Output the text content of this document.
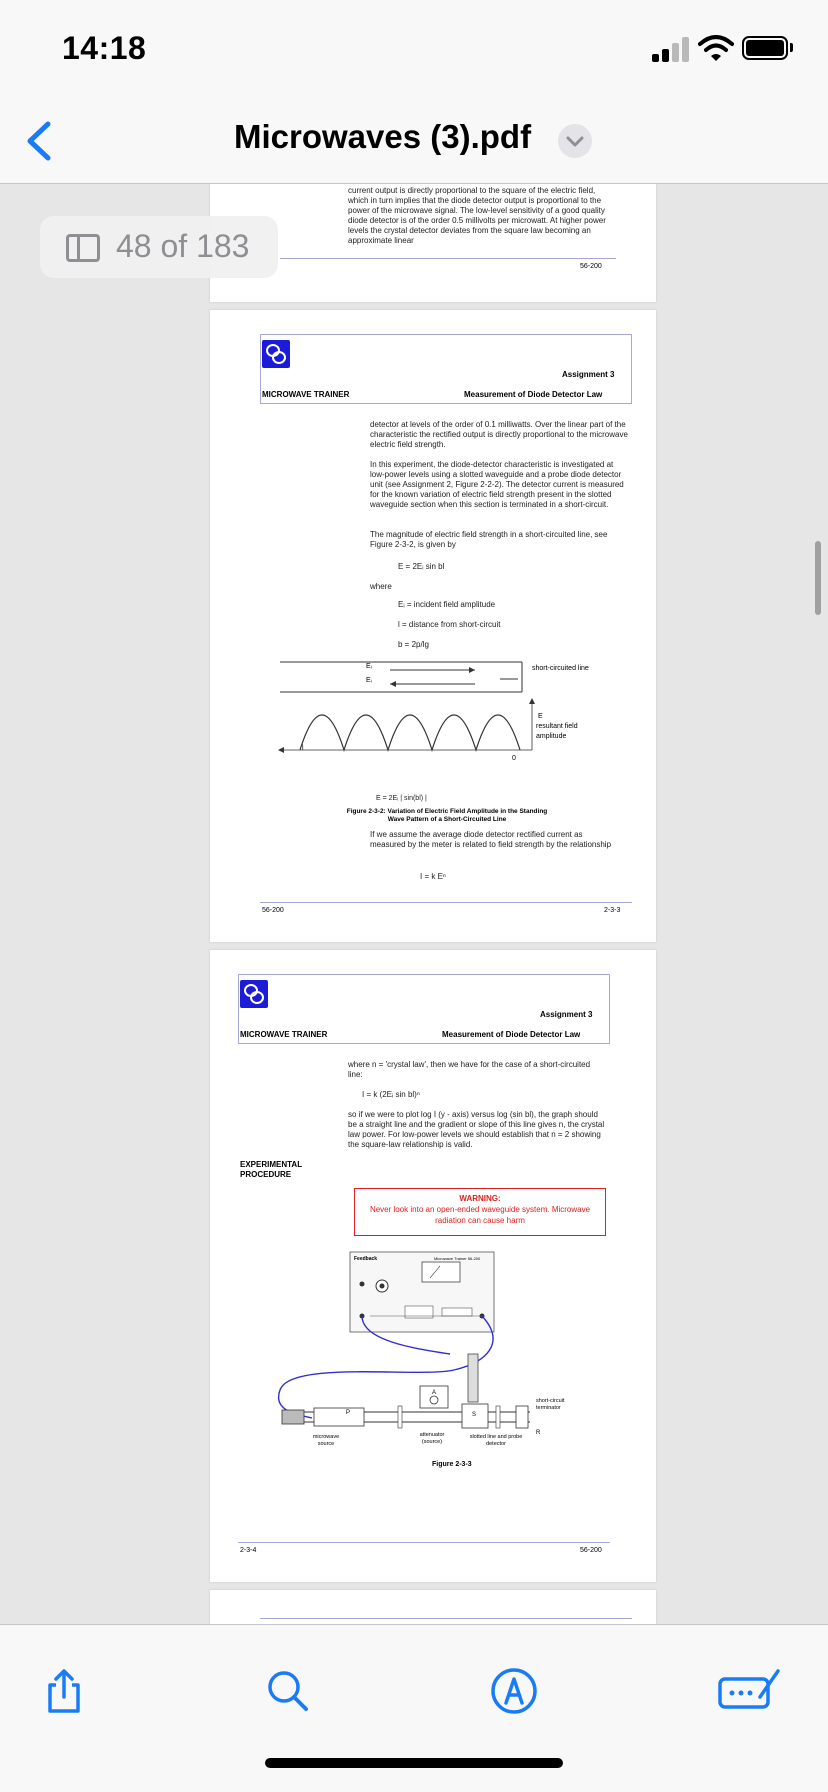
14:18
Microwaves (3).pdf
48 of 183
current output is directly proportional to the square of the electric field, which in turn implies that the diode detector output is proportional to the power of the microwave signal. The low-level sensitivity of a good quality diode detector is of the order 0.5 millivolts per microwatt. At higher power levels the crystal detector deviates from the square law becoming an approximate linear
56-200
Assignment 3
MICROWAVE TRAINER	Measurement of Diode Detector Law
detector at levels of the order of 0.1 milliwatts. Over the linear part of the characteristic the rectified output is directly proportional to the microwave electric field strength.
In this experiment, the diode-detector characteristic is investigated at low-power levels using a slotted waveguide and a probe diode detector unit (see Assignment 2, Figure 2-2-2). The detector current is measured for the known variation of electric field strength present in the slotted waveguide section when this section is terminated in a short-circuit.
The magnitude of electric field strength in a short-circuited line, see Figure 2-3-2, is given by
E = 2Eᵢ sin bl
where
Eᵢ = incident field amplitude
l = distance from short-circuit
b = 2p/lg
Eᵢ
Eᵢ
short-circuited line
E
resultant field amplitude
l
0
E = 2Eᵢ | sin(bl) |
Figure 2-3-2: Variation of Electric Field Amplitude in the Standing Wave Pattern of a Short-Circuited Line
If we assume the average diode detector rectified current as measured by the meter is related to field strength by the relationship
I = k Eⁿ
56-200	2-3-3
Assignment 3
MICROWAVE TRAINER	Measurement of Diode Detector Law
where n = 'crystal law', then we have for the case of a short-circuited line:
I = k (2Eᵢ sin bl)ⁿ
so if we were to plot log I (y - axis) versus log (sin bl), the graph should be a straight line and the gradient or slope of this line gives n, the crystal law power. For low-power levels we should establish that n = 2 showing the square-law relationship is valid.
EXPERIMENTAL PROCEDURE
WARNING:
Never look into an open-ended waveguide system. Microwave radiation can cause harm
Feedback	Microwave Trainer 56-200
A
S
P
R
microwave source
attenuator (source)
slotted line and probe detector
short-circuit terminator
Figure 2-3-3
2-3-4	56-200
